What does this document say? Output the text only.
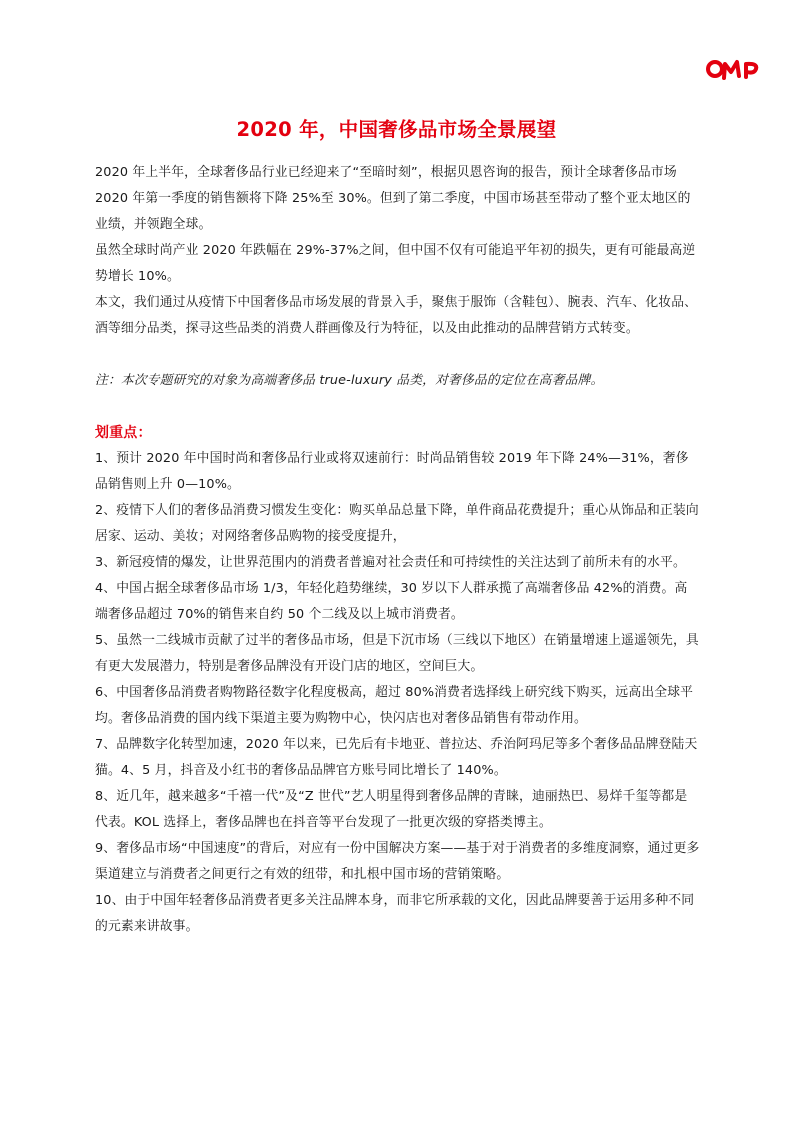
2020 年，中国奢侈品市场全景展望

2020 年上半年，全球奢侈品行业已经迎来了“至暗时刻”，根据贝恩咨询的报告，预计全球奢侈品市场 2020 年第一季度的销售额将下降 25%至 30%。但到了第二季度，中国市场甚至带动了整个亚太地区的业绩，并领跑全球。

虽然全球时尚产业 2020 年跌幅在 29%-37%之间，但中国不仅有可能追平年初的损失，更有可能最高逆势增长 10%。

本文，我们通过从疫情下中国奢侈品市场发展的背景入手，聚焦于服饰（含鞋包）、腕表、汽车、化妆品、酒等细分品类，探寻这些品类的消费人群画像及行为特征，以及由此推动的品牌营销方式转变。

注：本次专题研究的对象为高端奢侈品 true-luxury 品类，对奢侈品的定位在高奢品牌。

划重点：

1、预计 2020 年中国时尚和奢侈品行业或将双速前行：时尚品销售较 2019 年下降 24%—31%，奢侈品销售则上升 0—10%。

2、疫情下人们的奢侈品消费习惯发生变化：购买单品总量下降，单件商品花费提升；重心从饰品和正装向居家、运动、美妆；对网络奢侈品购物的接受度提升，

3、新冠疫情的爆发，让世界范围内的消费者普遍对社会责任和可持续性的关注达到了前所未有的水平。

4、中国占据全球奢侈品市场 1/3，年轻化趋势继续，30 岁以下人群承揽了高端奢侈品 42%的消费。高端奢侈品超过 70%的销售来自约 50 个二线及以上城市消费者。

5、虽然一二线城市贡献了过半的奢侈品市场，但是下沉市场（三线以下地区）在销量增速上遥遥领先，具有更大发展潜力，特别是奢侈品牌没有开设门店的地区，空间巨大。

6、中国奢侈品消费者购物路径数字化程度极高，超过 80%消费者选择线上研究线下购买，远高出全球平均。奢侈品消费的国内线下渠道主要为购物中心，快闪店也对奢侈品销售有带动作用。

7、品牌数字化转型加速，2020 年以来，已先后有卡地亚、普拉达、乔治阿玛尼等多个奢侈品品牌登陆天猫。4、5 月，抖音及小红书的奢侈品品牌官方账号同比增长了 140%。

8、近几年，越来越多“千禧一代”及“Z 世代”艺人明星得到奢侈品牌的青睐，迪丽热巴、易烊千玺等都是代表。KOL 选择上，奢侈品牌也在抖音等平台发现了一批更次级的穿搭类博主。

9、奢侈品市场“中国速度”的背后，对应有一份中国解决方案——基于对于消费者的多维度洞察，通过更多渠道建立与消费者之间更行之有效的纽带，和扎根中国市场的营销策略。

10、由于中国年轻奢侈品消费者更多关注品牌本身，而非它所承载的文化，因此品牌要善于运用多种不同的元素来讲故事。
